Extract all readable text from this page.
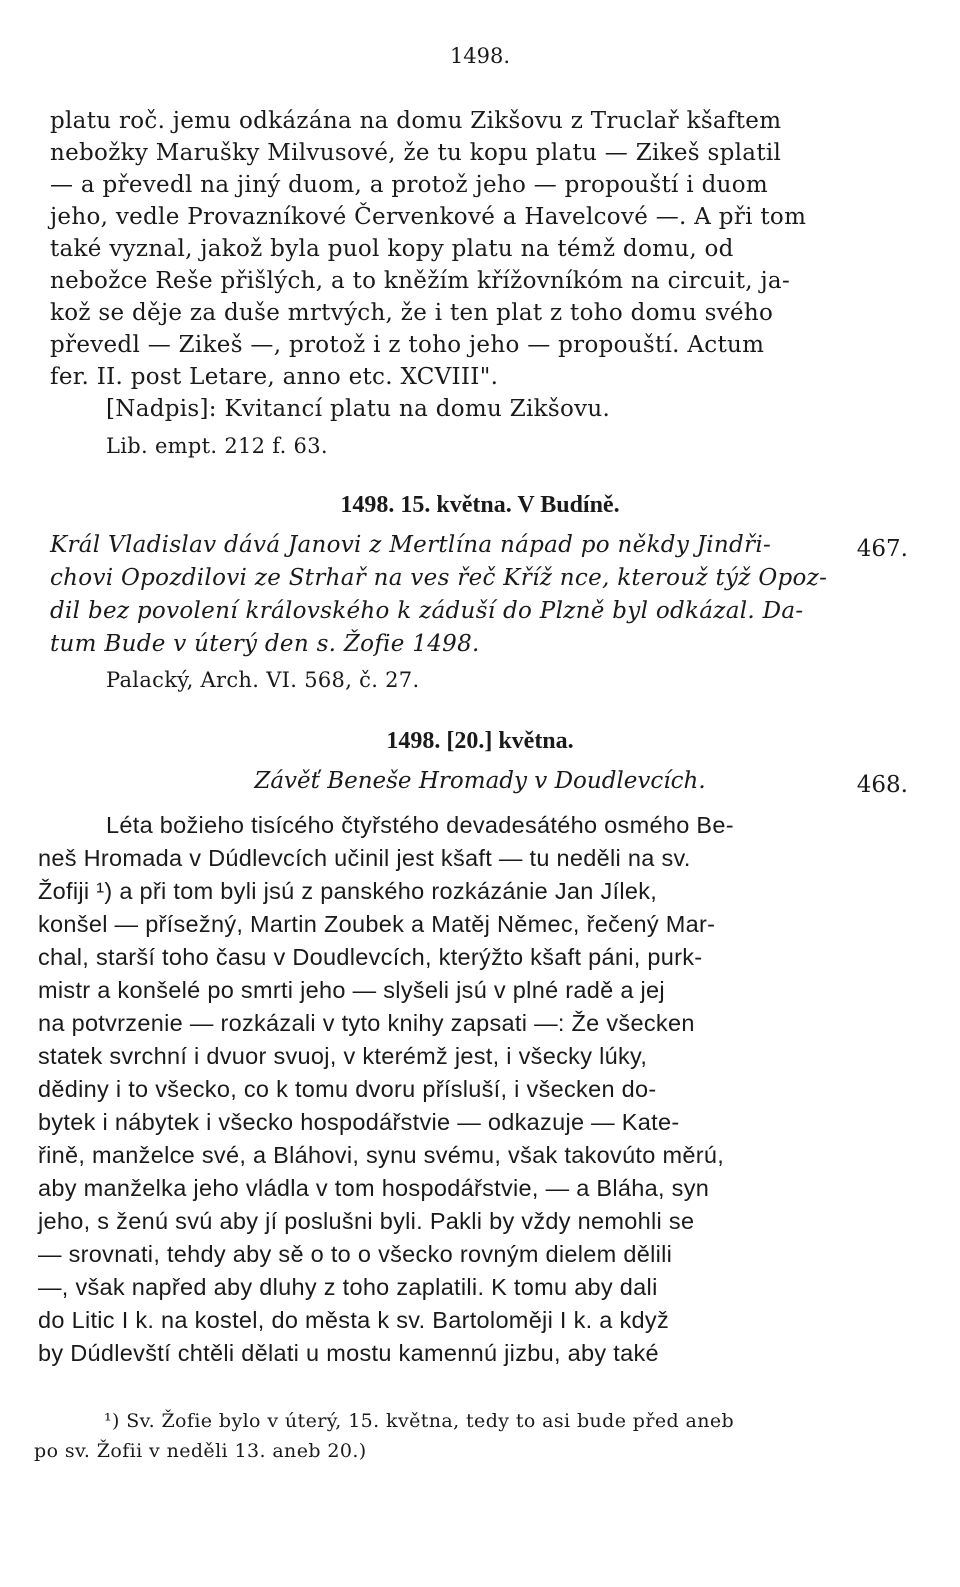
1498.
platu roč. jemu odkázána na domu Zikšovu z Truclař kšaftem
nebožky Marušky Milvusové, že tu kopu platu — Zikeš splatil
— a převedl na jiný duom, a protož jeho — propouští i duom
jeho, vedle Provazníkové Červenkové a Havelcové —. A při tom
také vyznal, jakož byla puol kopy platu na témž domu, od
nebožce Reše přišlých, a to kněžím křížovníkóm na circuit, ja-
kož se děje za duše mrtvých, že i ten plat z toho domu svého
převedl — Zikeš —, protož i z toho jeho — propouští. Actum
fer. II. post Letare, anno etc. XCVIII".
[Nadpis]: Kvitancí platu na domu Zikšovu.
Lib. empt. 212 f. 63.
1498. 15. května. V Budíně.
467.
Král Vladislav dává Janovi z Mertlína nápad po někdy Jindři-
chovi Opozdilovi ze Strhař na ves řeč Kříž nce, kterouž týž Opoz-
dil bez povolení královského k záduší do Plzně byl odkázal. Da-
tum Bude v úterý den s. Žofie 1498.
Palacký, Arch. VI. 568, č. 27.
1498. [20.] května.
Závěť Beneše Hromady v Doudlevcích.	468.
Léta božieho tisícého čtyřstého devadesátého osmého Be-
neš Hromada v Dúdlevcích učinil jest kšaft — tu neděli na sv.
Žofiji ¹) a při tom byli jsú z panského rozkázánie Jan Jílek,
konšel — přísežný, Martin Zoubek a Matěj Němec, řečený Mar-
chal, starší toho času v Doudlevcích, kterýžto kšaft páni, purk-
mistr a konšelé po smrti jeho — slyšeli jsú v plné radě a jej
na potvrzenie — rozkázali v tyto knihy zapsati —: Že všecken
statek svrchní i dvuor svuoj, v kterémž jest, i všecky lúky,
dědiny i to všecko, co k tomu dvoru přísluší, i všecken do-
bytek i nábytek i všecko hospodářstvie — odkazuje — Kate-
řině, manželce své, a Bláhovi, synu svému, však takovúto měrú,
aby manželka jeho vládla v tom hospodářstvie, — a Bláha, syn
jeho, s ženú svú aby jí poslušni byli. Pakli by vždy nemohli se
— srovnati, tehdy aby sě o to o všecko rovným dielem dělili
—, však napřed aby dluhy z toho zaplatili. K tomu aby dali
do Litic I k. na kostel, do města k sv. Bartoloměji I k. a když
by Dúdlevští chtěli dělati u mostu kamennú jizbu, aby také
¹) Sv. Žofie bylo v úterý, 15. května, tedy to asi bude před aneb
po sv. Žofii v neděli 13. aneb 20.)
